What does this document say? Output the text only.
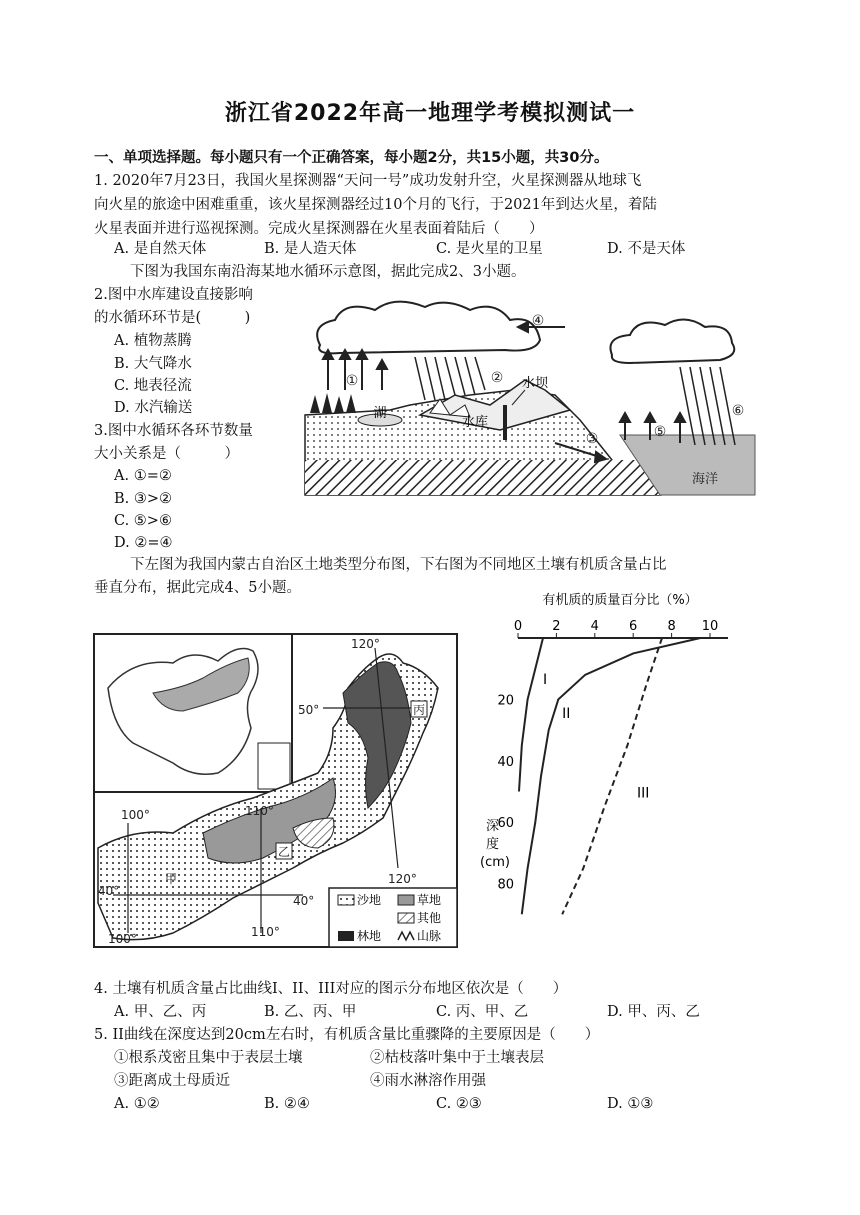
浙江省2022年高一地理学考模拟测试一
一、单项选择题。每小题只有一个正确答案，每小题2分，共15小题，共30分。
1. 2020年7月23日，我国火星探测器“天问一号”成功发射升空，火星探测器从地球飞
向火星的旅途中困难重重，该火星探测器经过10个月的飞行，于2021年到达火星，着陆
火星表面并进行巡视探测。完成火星探测器在火星表面着陆后（　　）
A. 是自然天体	B. 是人造天体	C. 是火星的卫星	D. 不是天体
下图为我国东南沿海某地水循环示意图，据此完成2、3小题。
2.图中水库建设直接影响
的水循环环节是(　　　)
A. 植物蒸腾
B. 大气降水
C. 地表径流
D. 水汽输送
3.图中水循环各环节数量
大小关系是（　　　）
A. ①=②
B. ③>②
C. ⑤>⑥
D. ②=④
海洋
湖
水库
水坝
①	②
③
④
⑤
⑥
下左图为我国内蒙古自治区土地类型分布图，下右图为不同地区土壤有机质含量占比
垂直分布，据此完成4、5小题。
120°
50°
110°
100°
40°
40°
110°
100°
120°
甲
乙
丙
沙地	草地
其他
林地	山脉
有机质的质量百分比（%）
0 2 4 6 8 10
20
40
60
80
深
度
(cm)
I
II
III
4. 土壤有机质含量占比曲线I、II、III对应的图示分布地区依次是（　　）
A. 甲、乙、丙	B. 乙、丙、甲	C. 丙、甲、乙	D. 甲、丙、乙
5. II曲线在深度达到20cm左右时，有机质含量比重骤降的主要原因是（　　）
①根系茂密且集中于表层土壤	②枯枝落叶集中于土壤表层
③距离成土母质近	④雨水淋溶作用强
A. ①②	B. ②④	C. ②③	D. ①③
